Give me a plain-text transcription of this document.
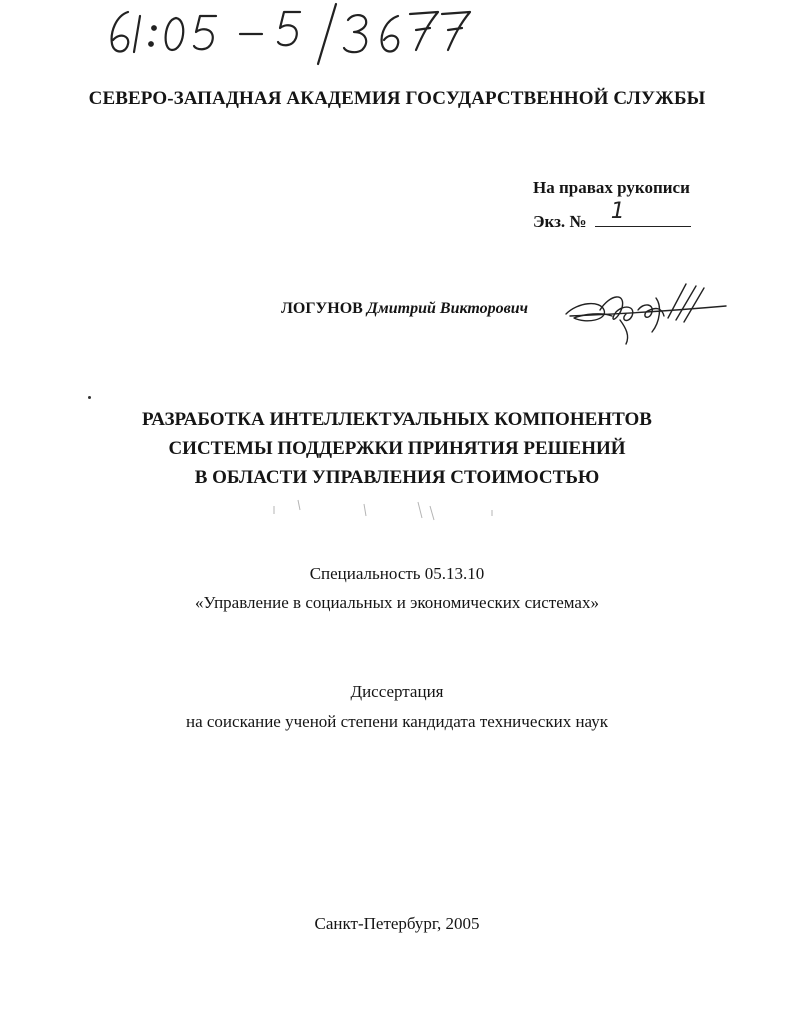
СЕВЕРО-ЗАПАДНАЯ АКАДЕМИЯ ГОСУДАРСТВЕННОЙ СЛУЖБЫ
На правах рукописи
Экз. № 1
ЛОГУНОВ Дмитрий Викторович
РАЗРАБОТКА ИНТЕЛЛЕКТУАЛЬНЫХ КОМПОНЕНТОВ
СИСТЕМЫ ПОДДЕРЖКИ ПРИНЯТИЯ РЕШЕНИЙ
В ОБЛАСТИ УПРАВЛЕНИЯ СТОИМОСТЬЮ
Специальность 05.13.10
«Управление в социальных и экономических системах»
Диссертация
на соискание ученой степени кандидата технических наук
Санкт-Петербург, 2005
